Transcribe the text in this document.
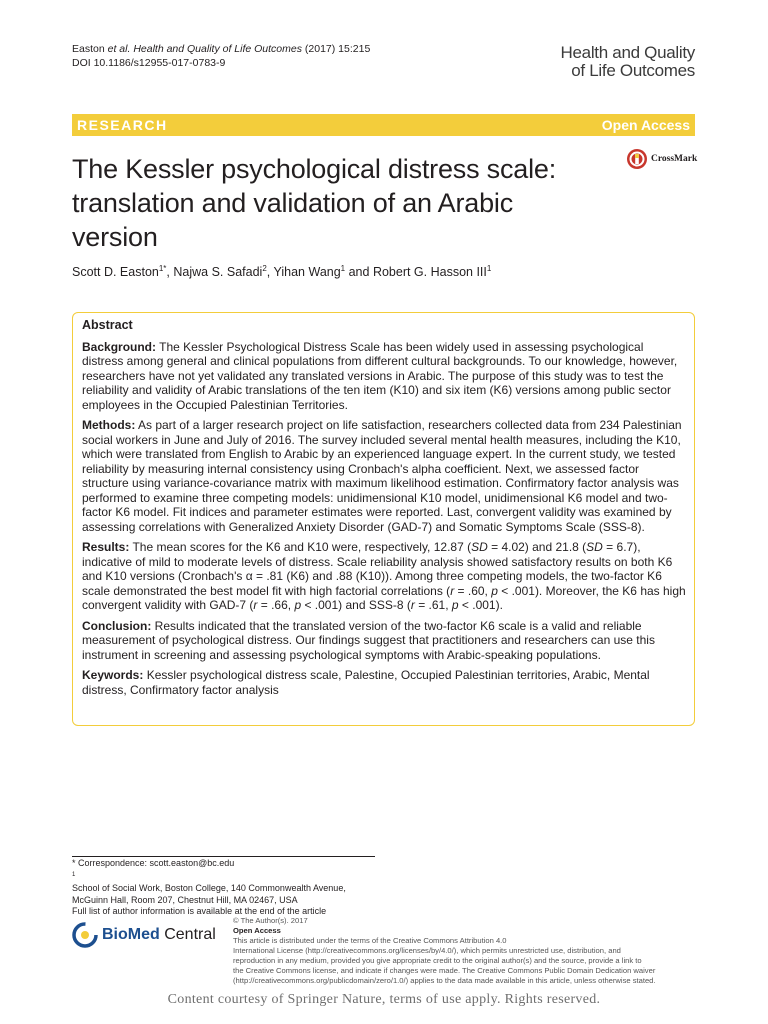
Easton et al. Health and Quality of Life Outcomes (2017) 15:215
DOI 10.1186/s12955-017-0783-9
Health and Quality
of Life Outcomes
RESEARCH	Open Access
The Kessler psychological distress scale:
translation and validation of an Arabic
version
CrossMark
Scott D. Easton$^{1*}$, Najwa S. Safadi$^2$, Yihan Wang$^1$ and Robert G. Hasson III$^1$
Abstract

Background: The Kessler Psychological Distress Scale has been widely used in assessing psychological distress among general and clinical populations from different cultural backgrounds. To our knowledge, however, researchers have not yet validated any translated versions in Arabic. The purpose of this study was to test the reliability and validity of Arabic translations of the ten item (K10) and six item (K6) versions among public sector employees in the Occupied Palestinian Territories.

Methods: As part of a larger research project on life satisfaction, researchers collected data from 234 Palestinian social workers in June and July of 2016. The survey included several mental health measures, including the K10, which were translated from English to Arabic by an experienced language expert. In the current study, we tested reliability by measuring internal consistency using Cronbach's alpha coefficient. Next, we assessed factor structure using variance-covariance matrix with maximum likelihood estimation. Confirmatory factor analysis was performed to examine three competing models: unidimensional K10 model, unidimensional K6 model and two-factor K6 model. Fit indices and parameter estimates were reported. Last, convergent validity was examined by assessing correlations with Generalized Anxiety Disorder (GAD-7) and Somatic Symptoms Scale (SSS-8).

Results: The mean scores for the K6 and K10 were, respectively, 12.87 (SD = 4.02) and 21.8 (SD = 6.7), indicative of mild to moderate levels of distress. Scale reliability analysis showed satisfactory results on both K6 and K10 versions (Cronbach's α = .81 (K6) and .88 (K10)). Among three competing models, the two-factor K6 scale demonstrated the best model fit with high factorial correlations (r = .60, p < .001). Moreover, the K6 has high convergent validity with GAD-7 (r = .66, p < .001) and SSS-8 (r = .61, p < .001).

Conclusion: Results indicated that the translated version of the two-factor K6 scale is a valid and reliable measurement of psychological distress. Our findings suggest that practitioners and researchers can use this instrument in screening and assessing psychological symptoms with Arabic-speaking populations.

Keywords: Kessler psychological distress scale, Palestine, Occupied Palestinian territories, Arabic, Mental distress, Confirmatory factor analysis

* Correspondence: scott.easton@bc.edu
$^1$
School of Social Work, Boston College, 140 Commonwealth Avenue,
McGuinn Hall, Room 207, Chestnut Hill, MA 02467, USA
Full list of author information is available at the end of the article
BioMed Central
© The Author(s). 2017
Open Access
This article is distributed under the terms of the Creative Commons Attribution 4.0
International License (http://creativecommons.org/licenses/by/4.0/), which permits unrestricted use, distribution, and
reproduction in any medium, provided you give appropriate credit to the original author(s) and the source, provide a link to
the Creative Commons license, and indicate if changes were made. The Creative Commons Public Domain Dedication waiver
(http://creativecommons.org/publicdomain/zero/1.0/) applies to the data made available in this article, unless otherwise stated.
Content courtesy of Springer Nature, terms of use apply. Rights reserved.
